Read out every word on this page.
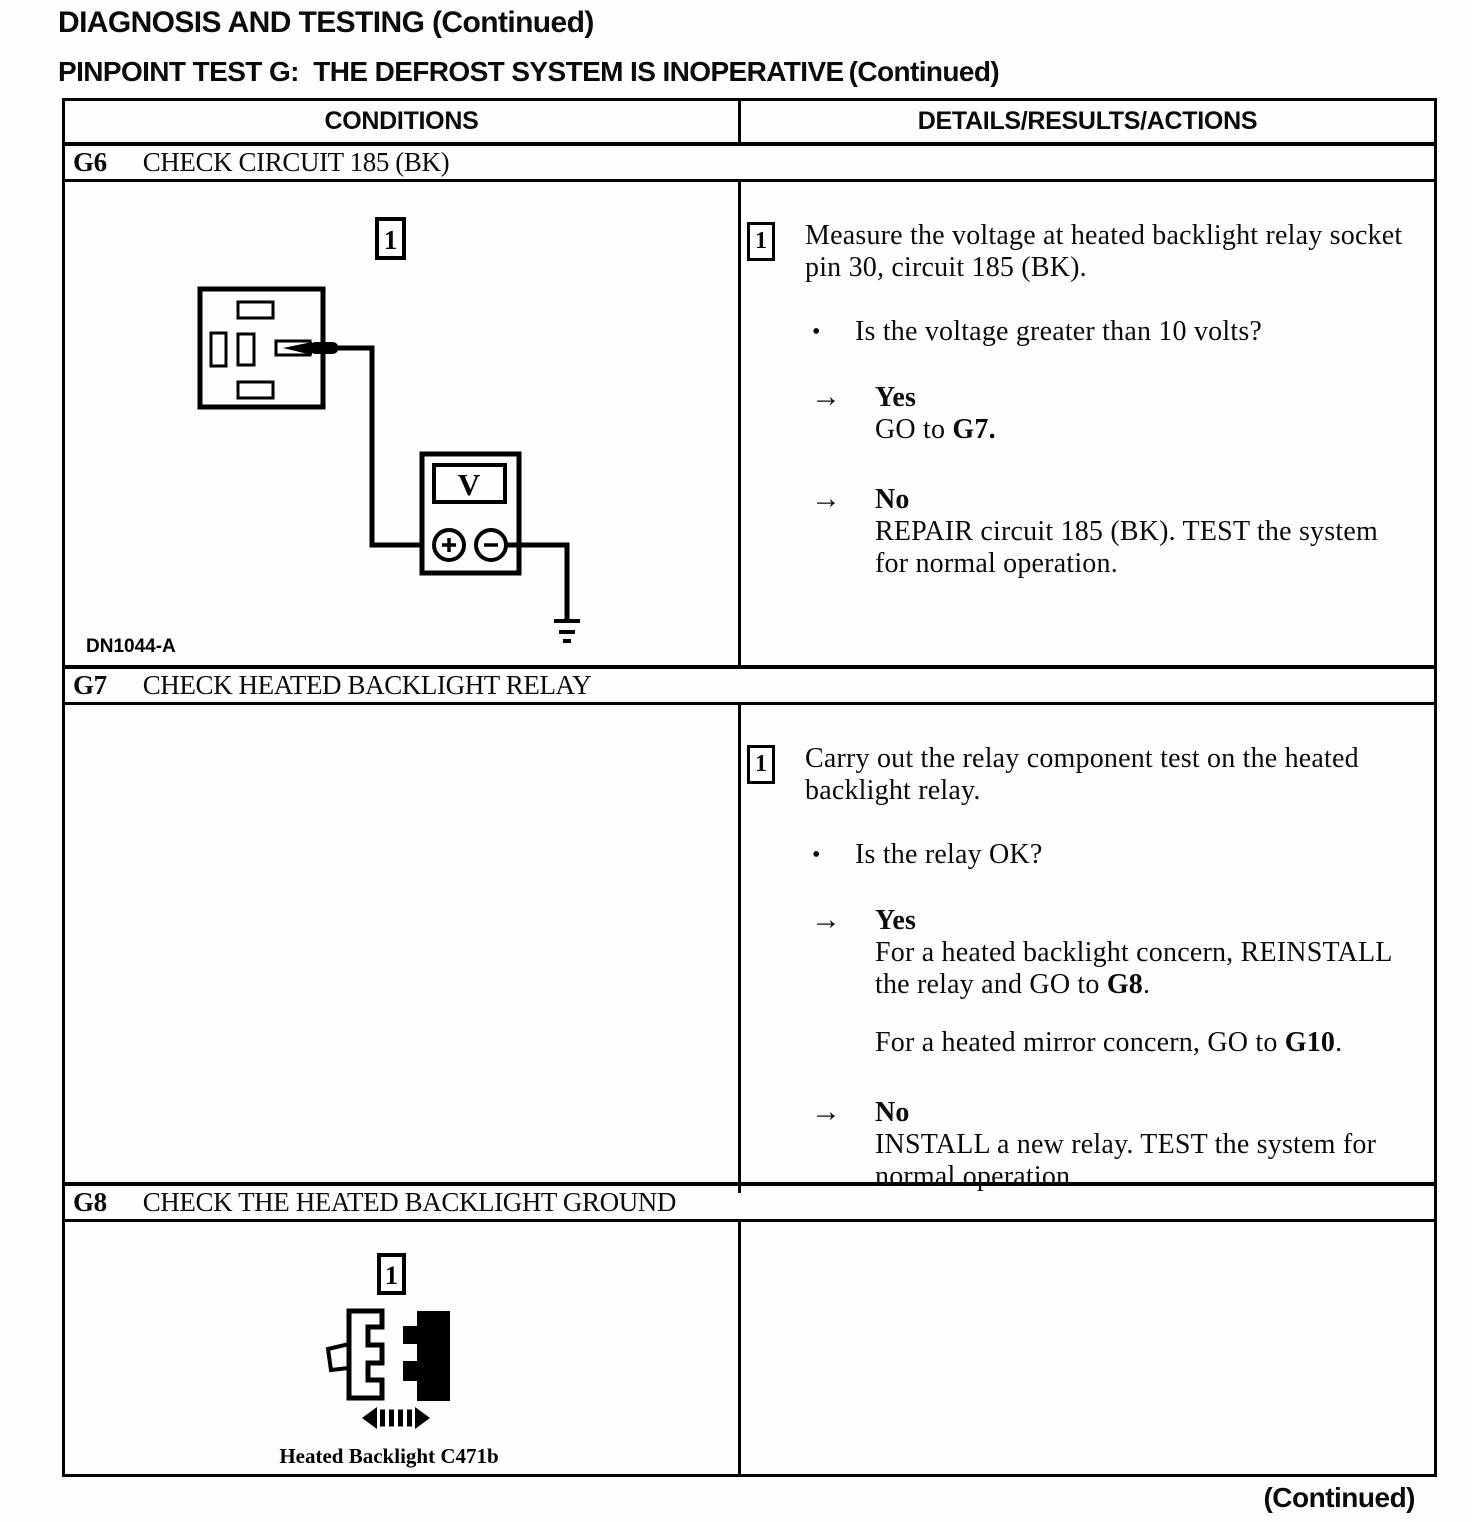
DIAGNOSIS AND TESTING (Continued)
PINPOINT TEST G:  THE DEFROST SYSTEM IS INOPERATIVE (Continued)
CONDITIONS	DETAILS/RESULTS/ACTIONS
G6 CHECK CIRCUIT 185 (BK)
1
V
DN1044-A
1 Measure the voltage at heated backlight relay socket pin 30, circuit 185 (BK).
• Is the voltage greater than 10 volts?
→	Yes
GO to G7.
→	No
REPAIR circuit 185 (BK). TEST the system for normal operation.
G7 CHECK HEATED BACKLIGHT RELAY
1 Carry out the relay component test on the heated backlight relay.
• Is the relay OK?
→	Yes
For a heated backlight concern, REINSTALL the relay and GO to G8.
For a heated mirror concern, GO to G10.
→	No
INSTALL a new relay. TEST the system for normal operation.
G8 CHECK THE HEATED BACKLIGHT GROUND
1
Heated Backlight C471b
(Continued)
